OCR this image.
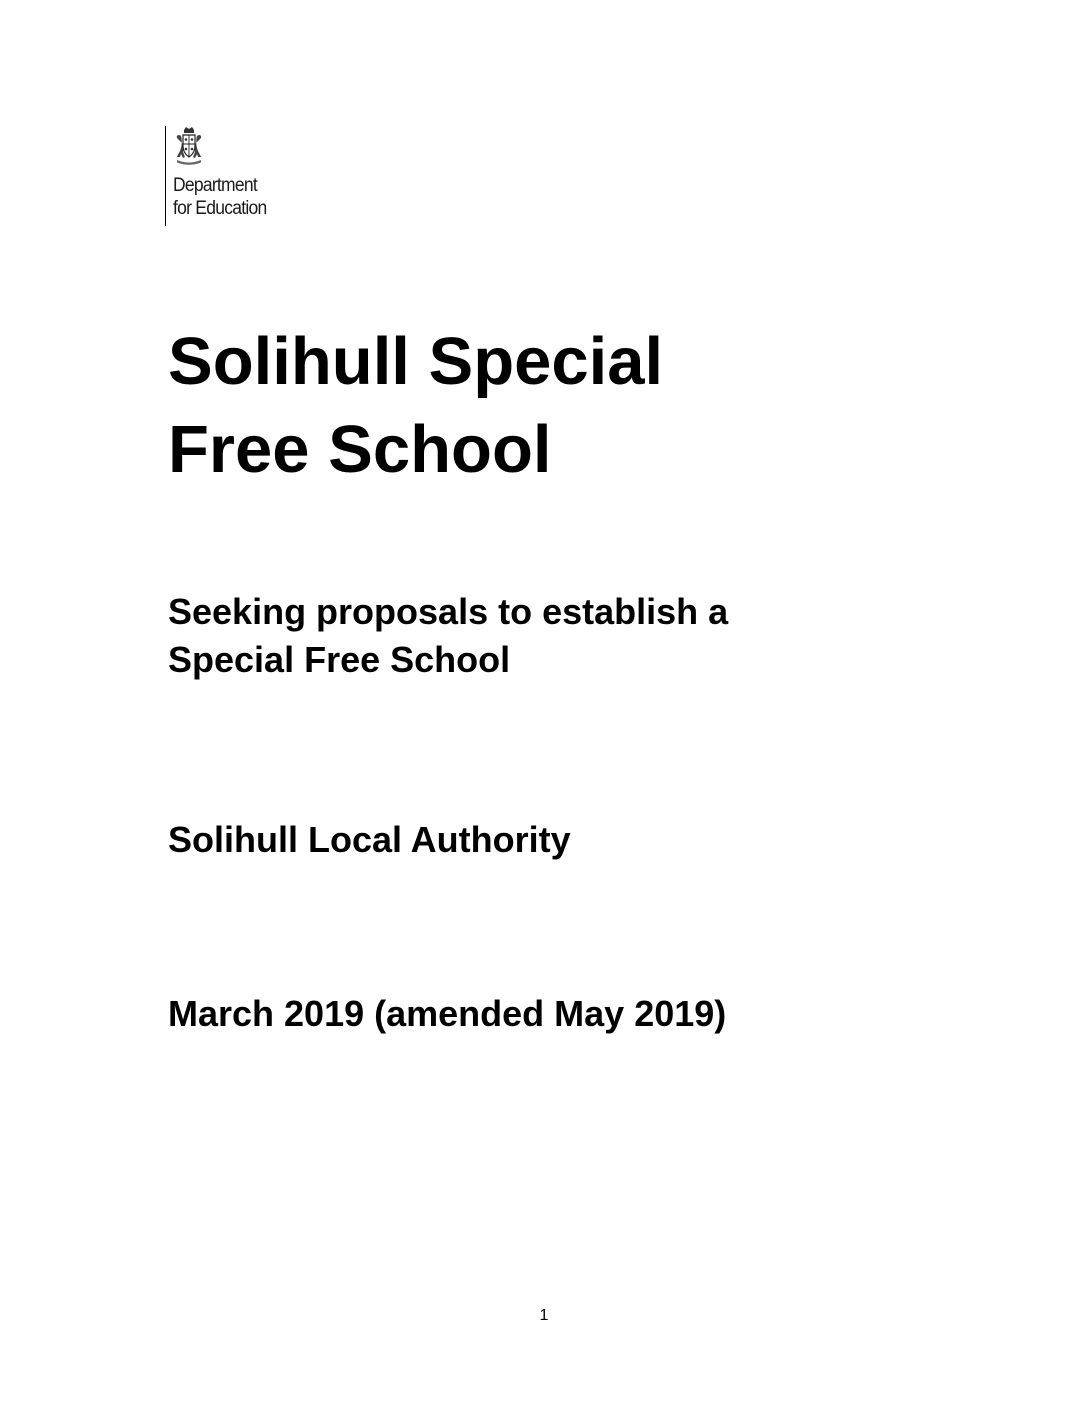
Department
for Education
Solihull Special
Free School
Seeking proposals to establish a
Special Free School
Solihull Local Authority
March 2019 (amended May 2019)
1
